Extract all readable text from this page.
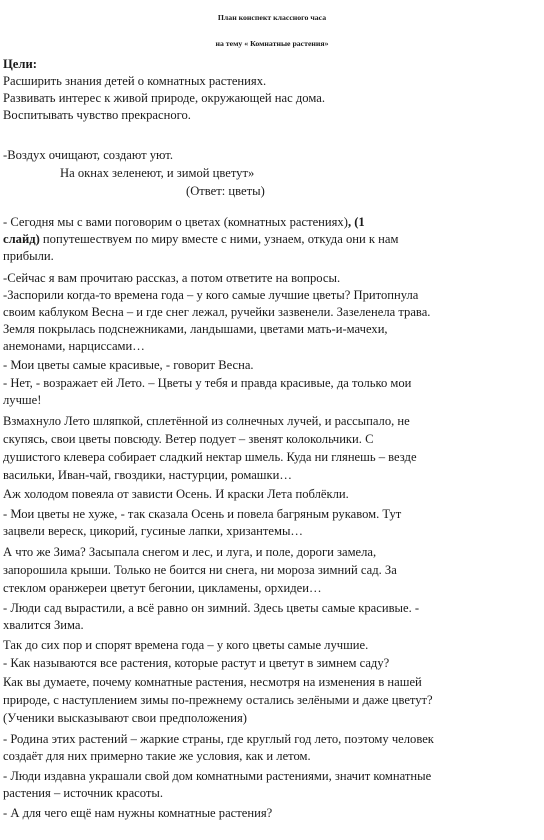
План конспект классного часа
на тему « Комнатные растения»
Цели:
Расширить знания детей о комнатных растениях.
Развивать интерес к живой природе, окружающей нас дома.
Воспитывать чувство прекрасного.
-Воздух очищают, создают уют.
На окнах зеленеют, и зимой цветут»
(Ответ: цветы)
- Сегодня мы с вами поговорим о цветах (комнатных растениях), (1
слайд) попутешествуем по миру вместе с ними, узнаем, откуда они к нам
прибыли.
-Сейчас я вам прочитаю рассказ, а потом ответите на вопросы.
-Заспорили когда-то времена года – у кого самые лучшие цветы? Притопнула
своим каблуком Весна – и где снег лежал, ручейки зазвенели. Зазеленела трава.
Земля покрылась подснежниками, ландышами, цветами мать-и-мачехи,
анемонами, нарциссами…
- Мои цветы самые красивые, - говорит Весна.
- Нет, - возражает ей Лето. – Цветы у тебя и правда красивые, да только мои
лучше!
Взмахнуло Лето шляпкой, сплетённой из солнечных лучей, и рассыпало, не
скупясь, свои цветы повсюду. Ветер подует – звенят колокольчики. С
душистого клевера собирает сладкий нектар шмель. Куда ни глянешь – везде
васильки, Иван-чай, гвоздики, настурции, ромашки…
Аж холодом повеяла от зависти Осень. И краски Лета поблёкли.
- Мои цветы не хуже, - так сказала Осень и повела багряным рукавом. Тут
зацвели вереск, цикорий, гусиные лапки, хризантемы…
А что же Зима? Засыпала снегом и лес, и луга, и поле, дороги замела,
запорошила крыши. Только не боится ни снега, ни мороза зимний сад. За
стеклом оранжереи цветут бегонии, цикламены, орхидеи…
- Люди сад вырастили, а всё равно он зимний. Здесь цветы самые красивые. -
хвалится Зима.
Так до сих пор и спорят времена года – у кого цветы самые лучшие.
- Как называются все растения, которые растут и цветут в зимнем саду?
Как вы думаете, почему комнатные растения, несмотря на изменения в нашей
природе, с наступлением зимы по-прежнему остались зелёными и даже цветут?
(Ученики высказывают свои предположения)
- Родина этих растений – жаркие страны, где круглый год лето, поэтому человек
создаёт для них примерно такие же условия, как и летом.
- Люди издавна украшали свой дом комнатными растениями, значит комнатные
растения – источник красоты.
- А для чего ещё нам нужны комнатные растения?
